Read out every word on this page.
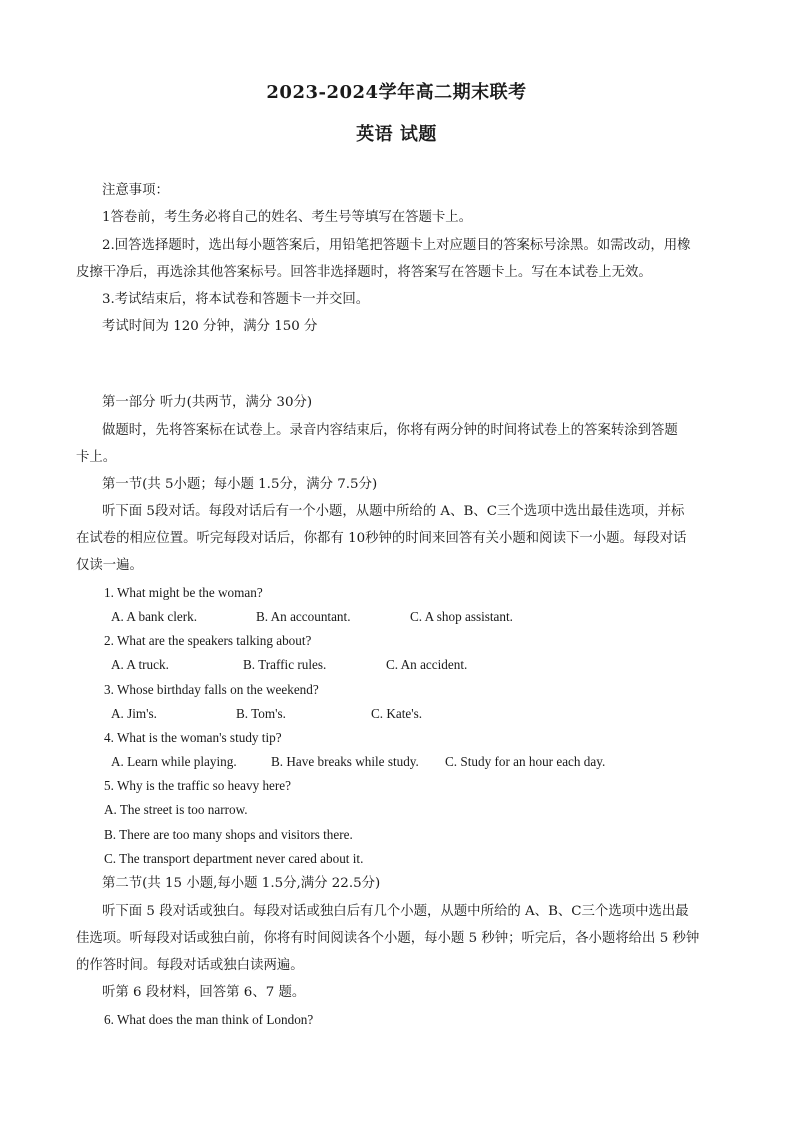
2023-2024学年高二期末联考
英语 试题
注意事项：
1答卷前，考生务必将自己的姓名、考生号等填写在答题卡上。
2.回答选择题时，选出每小题答案后，用铅笔把答题卡上对应题目的答案标号涂黑。如需改动，用橡
皮擦干净后，再选涂其他答案标号。回答非选择题时，将答案写在答题卡上。写在本试卷上无效。
3.考试结束后，将本试卷和答题卡一并交回。
考试时间为 120 分钟，满分 150 分
第一部分 听力(共两节，满分 30分)
做题时，先将答案标在试卷上。录音内容结束后，你将有两分钟的时间将试卷上的答案转涂到答题
卡上。
第一节(共 5小题；每小题 1.5分，满分 7.5分)
听下面 5段对话。每段对话后有一个小题，从题中所给的 A、B、C三个选项中选出最佳选项，并标
在试卷的相应位置。听完每段对话后，你都有 10秒钟的时间来回答有关小题和阅读下一小题。每段对话
仅读一遍。
1. What might be the woman?
A. A bank clerk.	B. An accountant.	C. A shop assistant.
2. What are the speakers talking about?
A. A truck.	B. Traffic rules.	C. An accident.
3. Whose birthday falls on the weekend?
A. Jim's.	B. Tom's.	C. Kate's.
4. What is the woman's study tip?
A. Learn while playing.	B. Have breaks while study. C. Study for an hour each day.
5. Why is the traffic so heavy here?
A. The street is too narrow.
B. There are too many shops and visitors there.
C. The transport department never cared about it.
第二节(共 15 小题,每小题 1.5分,满分 22.5分)
听下面 5 段对话或独白。每段对话或独白后有几个小题，从题中所给的 A、B、C三个选项中选出最
佳选项。听每段对话或独白前，你将有时间阅读各个小题，每小题 5 秒钟；听完后，各小题将给出 5 秒钟
的作答时间。每段对话或独白读两遍。
听第 6 段材料，回答第 6、7 题。
6. What does the man think of London?
